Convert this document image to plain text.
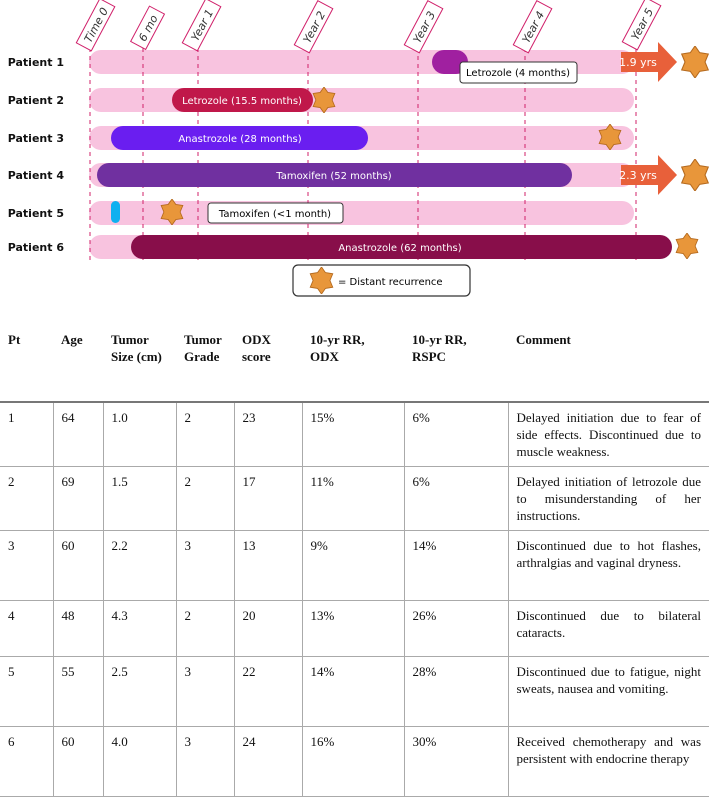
Time 0 6 mo	Year 1	Year 2	Year 3	Year 4	Year 5
Patient 1
Patient 2
Patient 3
Patient 4
Patient 5
Patient 6
Letrozole (4 months)
Letrozole (15.5 months)
Anastrozole (28 months)
Tamoxifen (52 months)
Tamoxifen (<1 month)
Anastrozole (62 months)
1.9 yrs
2.3 yrs
= Distant recurrence
Pt	Age	Tumor Size (cm)	Tumor Grade	ODX score	10-yr RR, ODX	10-yr RR, RSPC	Comment
1	64	1.0	2	23	15%	6%	Delayed initiation due to fear of side effects. Discontinued due to muscle weakness.
2	69	1.5	2	17	11%	6%	Delayed initiation of letrozole due to misunderstanding of her instructions.
3	60	2.2	3	13	9%	14%	Discontinued due to hot flashes, arthralgias and vaginal dryness.
4	48	4.3	2	20	13%	26%	Discontinued due to bilateral cataracts.
5	55	2.5	3	22	14%	28%	Discontinued due to fatigue, night sweats, nausea and vomiting.
6	60	4.0	3	24	16%	30%	Received chemotherapy and was persistent with endocrine therapy
